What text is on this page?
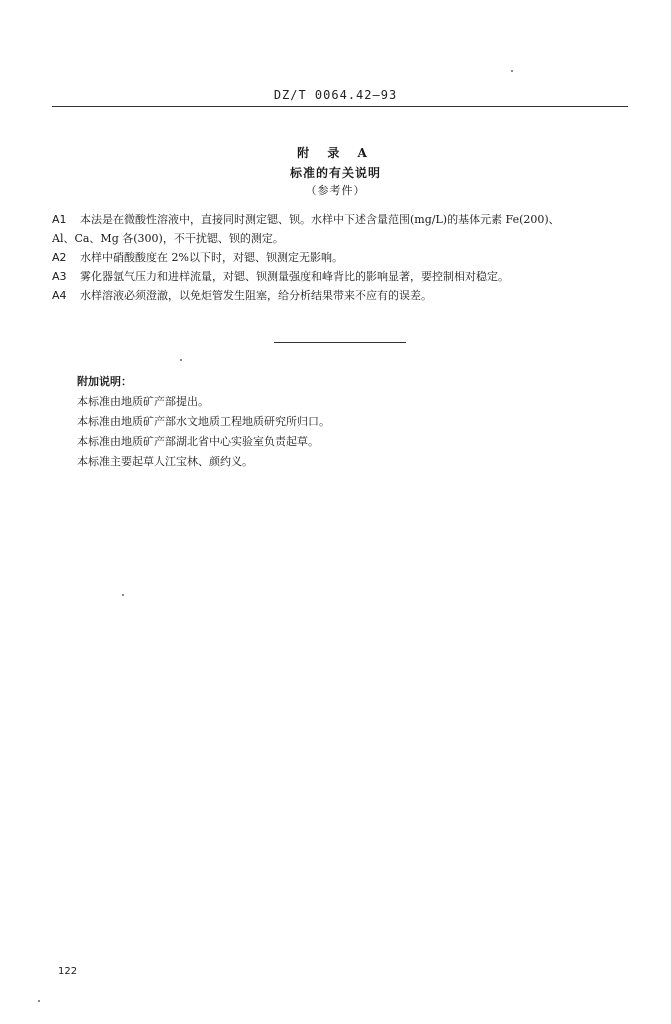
DZ/T 0064.42—93
附 录 A
标准的有关说明
（参考件）
A1 本法是在微酸性溶液中，直接同时测定锶、钡。水样中下述含量范围(mg/L)的基体元素 Fe(200)、
Al、Ca、Mg 各(300)，不干扰锶、钡的测定。
A2 水样中硝酸酸度在 2%以下时，对锶、钡测定无影响。
A3 雾化器氩气压力和进样流量，对锶、钡测量强度和峰背比的影响显著，要控制相对稳定。
A4 水样溶液必须澄澈，以免炬管发生阻塞，给分析结果带来不应有的误差。
附加说明：
本标准由地质矿产部提出。
本标准由地质矿产部水文地质工程地质研究所归口。
本标准由地质矿产部湖北省中心实验室负责起草。
本标准主要起草人江宝林、颜约义。
122
